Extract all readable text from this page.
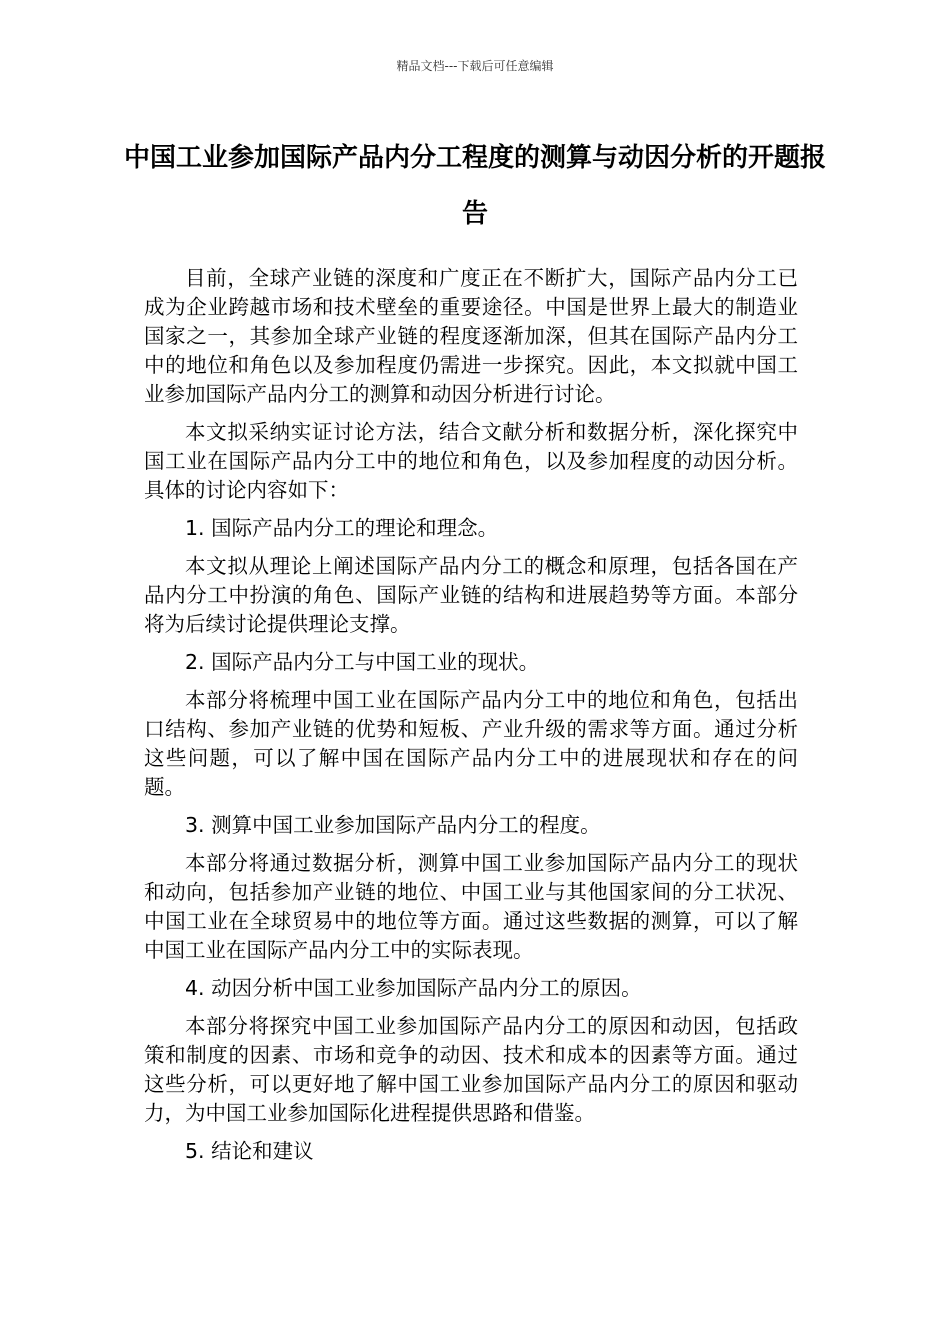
精品文档---下载后可任意编辑
中国工业参加国际产品内分工程度的测算与动因分析的开题报告

目前，全球产业链的深度和广度正在不断扩大，国际产品内分工已成为企业跨越市场和技术壁垒的重要途径。中国是世界上最大的制造业国家之一，其参加全球产业链的程度逐渐加深，但其在国际产品内分工中的地位和角色以及参加程度仍需进一步探究。因此，本文拟就中国工业参加国际产品内分工的测算和动因分析进行讨论。

本文拟采纳实证讨论方法，结合文献分析和数据分析，深化探究中国工业在国际产品内分工中的地位和角色，以及参加程度的动因分析。具体的讨论内容如下：

1. 国际产品内分工的理论和理念。

本文拟从理论上阐述国际产品内分工的概念和原理，包括各国在产品内分工中扮演的角色、国际产业链的结构和进展趋势等方面。本部分将为后续讨论提供理论支撑。

2. 国际产品内分工与中国工业的现状。

本部分将梳理中国工业在国际产品内分工中的地位和角色，包括出口结构、参加产业链的优势和短板、产业升级的需求等方面。通过分析这些问题，可以了解中国在国际产品内分工中的进展现状和存在的问题。

3. 测算中国工业参加国际产品内分工的程度。

本部分将通过数据分析，测算中国工业参加国际产品内分工的现状和动向，包括参加产业链的地位、中国工业与其他国家间的分工状况、中国工业在全球贸易中的地位等方面。通过这些数据的测算，可以了解中国工业在国际产品内分工中的实际表现。

4. 动因分析中国工业参加国际产品内分工的原因。

本部分将探究中国工业参加国际产品内分工的原因和动因，包括政策和制度的因素、市场和竞争的动因、技术和成本的因素等方面。通过这些分析，可以更好地了解中国工业参加国际产品内分工的原因和驱动力，为中国工业参加国际化进程提供思路和借鉴。

5. 结论和建议
